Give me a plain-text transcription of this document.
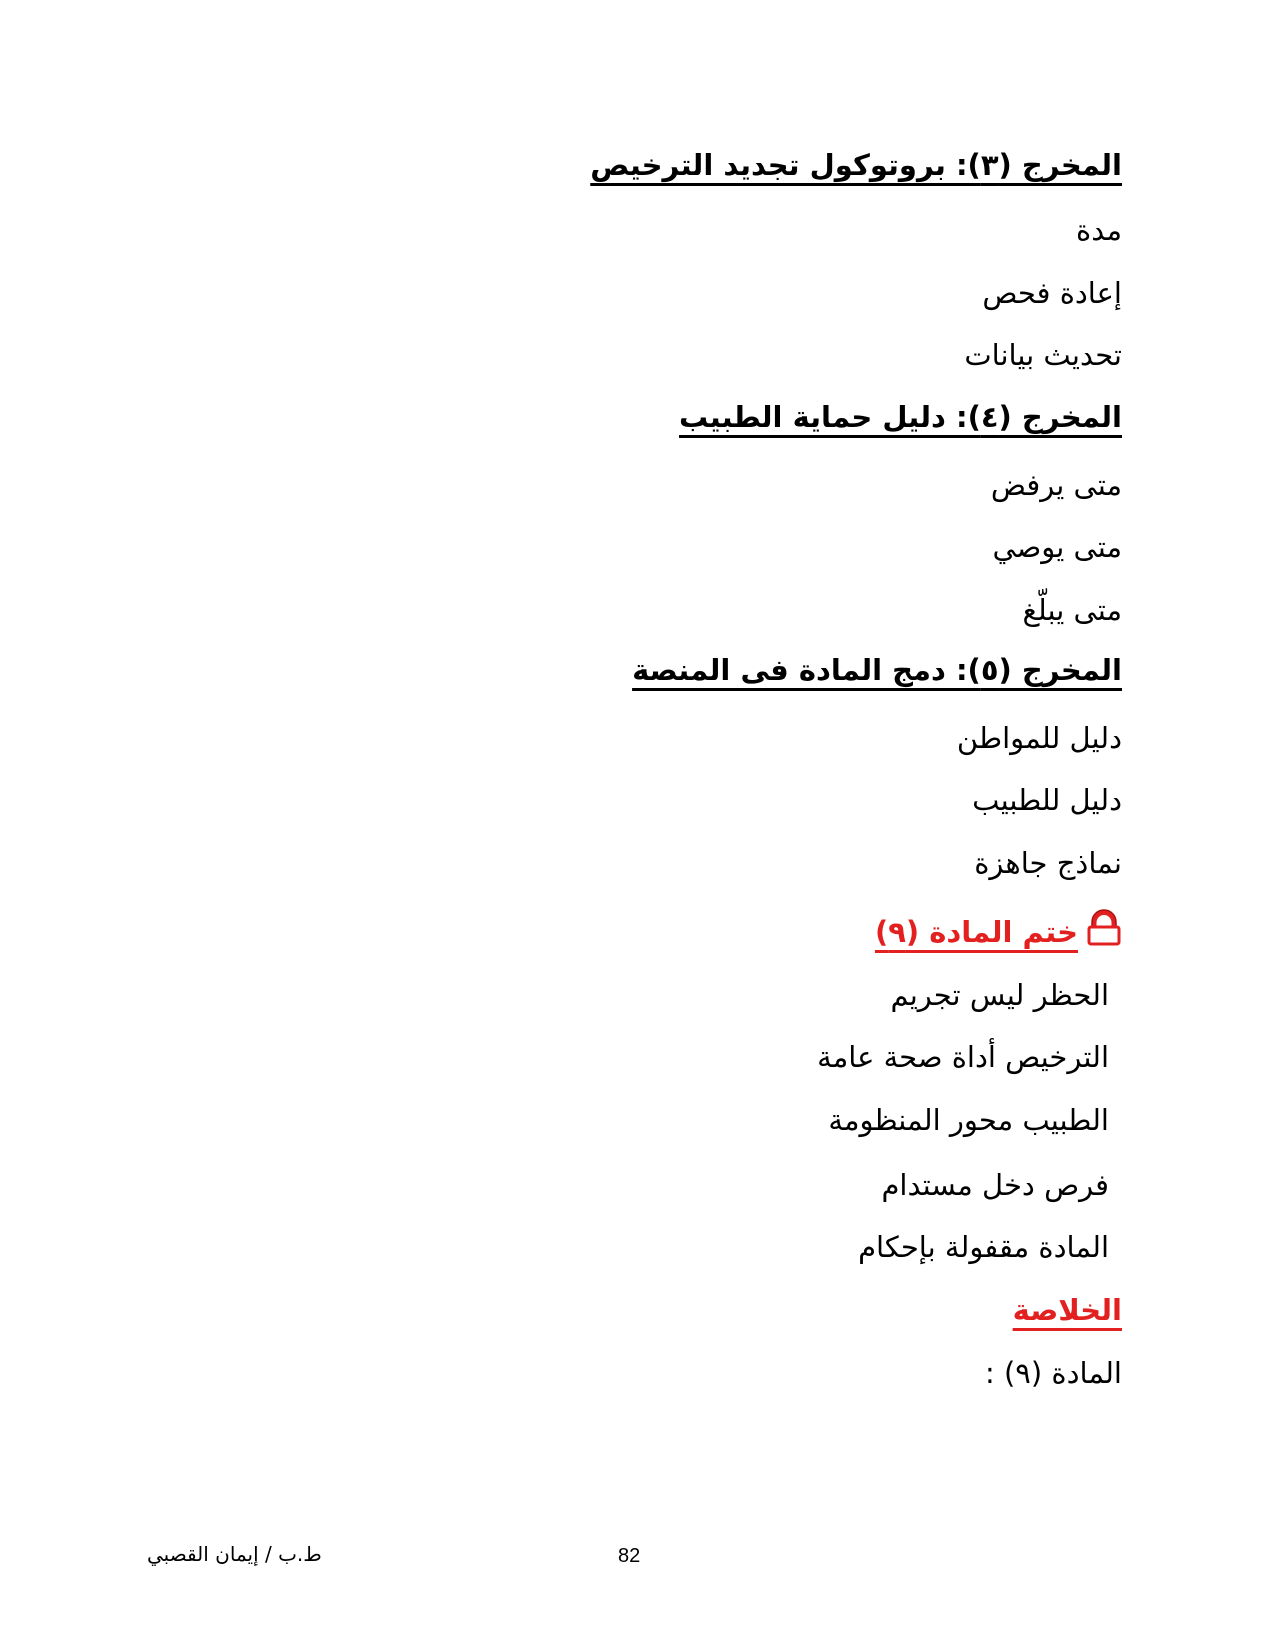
المخرج (٣): بروتوكول تجديد الترخيص
مدة
إعادة فحص
تحديث بيانات
المخرج (٤): دليل حماية الطبيب
متى يرفض
متى يوصي
متى يبلّغ
المخرج (٥): دمج المادة فى المنصة
دليل للمواطن
دليل للطبيب
نماذج جاهزة
ختم المادة (٩)
الحظر ليس تجريم
الترخيص أداة صحة عامة
الطبيب محور المنظومة
فرص دخل مستدام
المادة مقفولة بإحكام
الخلاصة
المادة (٩) :
ط.ب / إيمان القصبي	82
